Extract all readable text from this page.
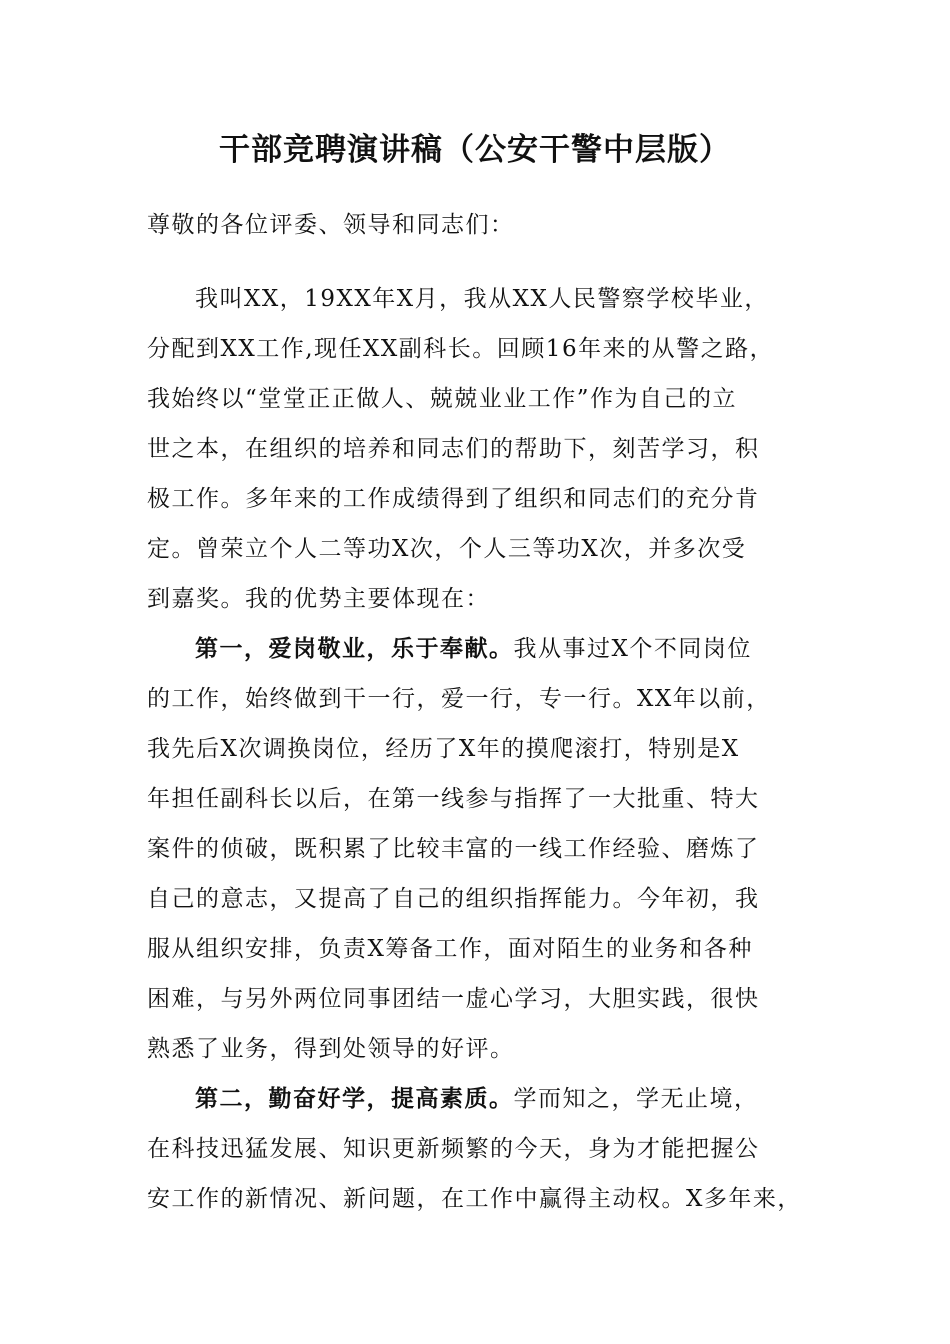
干部竞聘演讲稿（公安干警中层版）
尊敬的各位评委、领导和同志们：
我叫XX，19XX年X月，我从XX人民警察学校毕业，
分配到XX工作,现任XX副科长。回顾16年来的从警之路，
我始终以“堂堂正正做人、兢兢业业工作”作为自己的立
世之本，在组织的培养和同志们的帮助下，刻苦学习，积
极工作。多年来的工作成绩得到了组织和同志们的充分肯
定。曾荣立个人二等功X次，个人三等功X次，并多次受
到嘉奖。我的优势主要体现在：
第一，爱岗敬业，乐于奉献。我从事过X个不同岗位
的工作，始终做到干一行，爱一行，专一行。XX年以前，
我先后X次调换岗位，经历了X年的摸爬滚打，特别是X
年担任副科长以后，在第一线参与指挥了一大批重、特大
案件的侦破，既积累了比较丰富的一线工作经验、磨炼了
自己的意志，又提高了自己的组织指挥能力。今年初，我
服从组织安排，负责X筹备工作，面对陌生的业务和各种
困难，与另外两位同事团结一虚心学习，大胆实践，很快
熟悉了业务，得到处领导的好评。
第二，勤奋好学，提高素质。学而知之，学无止境，
在科技迅猛发展、知识更新频繁的今天，身为才能把握公
安工作的新情况、新问题，在工作中赢得主动权。X多年来，
